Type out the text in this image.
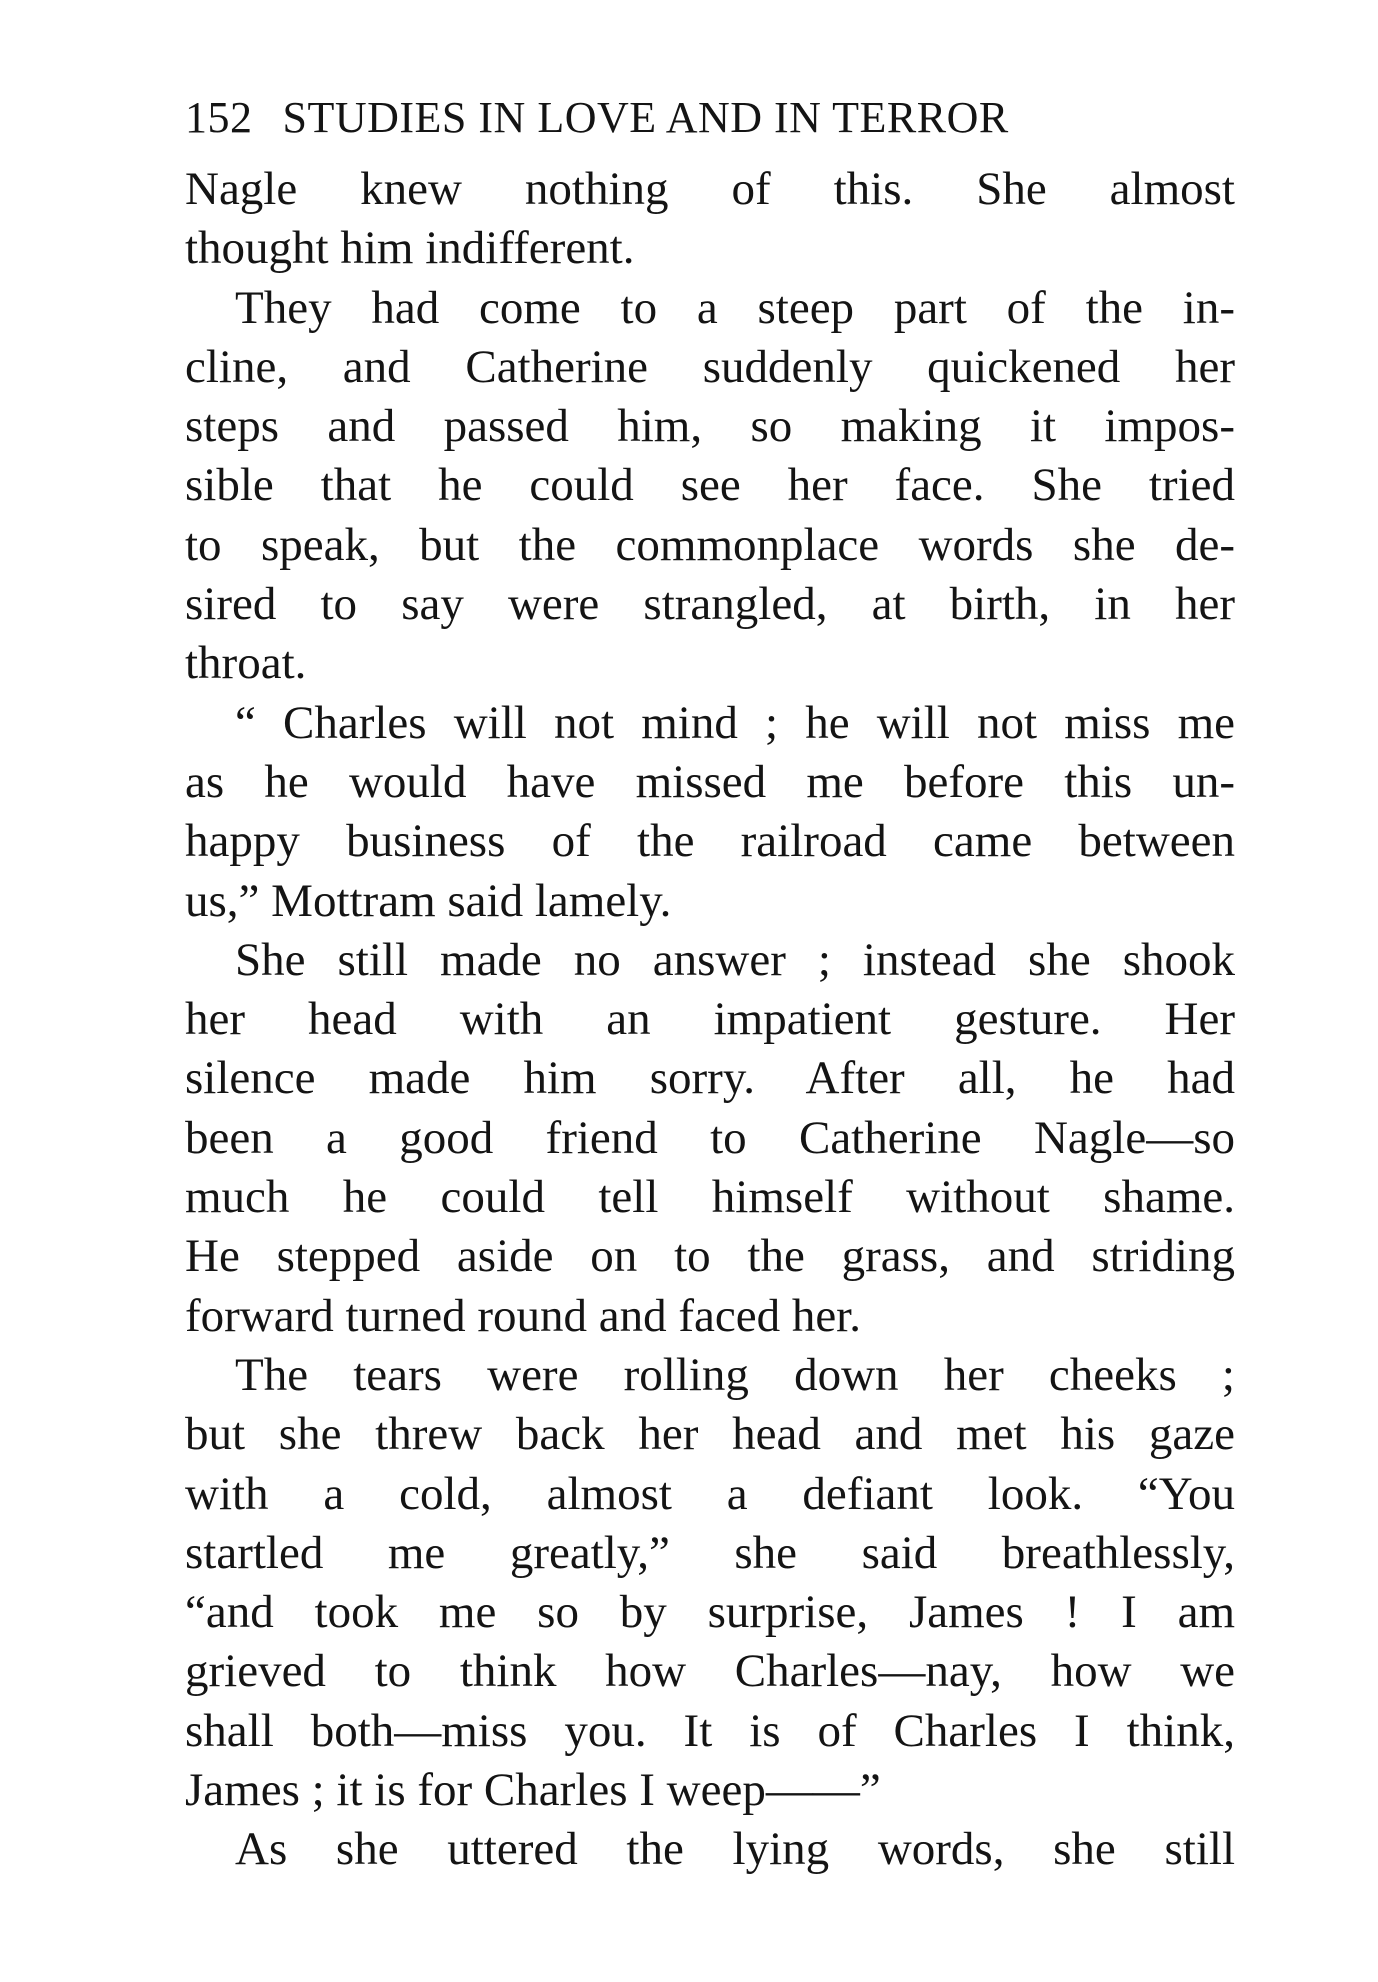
152 STUDIES IN LOVE AND IN TERROR
Nagle knew nothing of this. She almost
thought him indifferent.
They had come to a steep part of the in-
cline, and Catherine suddenly quickened her
steps and passed him, so making it impos-
sible that he could see her face. She tried
to speak, but the commonplace words she de-
sired to say were strangled, at birth, in her
throat.
“ Charles will not mind ; he will not miss me
as he would have missed me before this un-
happy business of the railroad came between
us,” Mottram said lamely.
She still made no answer ; instead she shook
her head with an impatient gesture. Her
silence made him sorry. After all, he had
been a good friend to Catherine Nagle—so
much he could tell himself without shame.
He stepped aside on to the grass, and striding
forward turned round and faced her.
The tears were rolling down her cheeks ;
but she threw back her head and met his gaze
with a cold, almost a defiant look. “You
startled me greatly,” she said breathlessly,
“and took me so by surprise, James ! I am
grieved to think how Charles—nay, how we
shall both—miss you. It is of Charles I think,
James ; it is for Charles I weep——”
As she uttered the lying words, she still
